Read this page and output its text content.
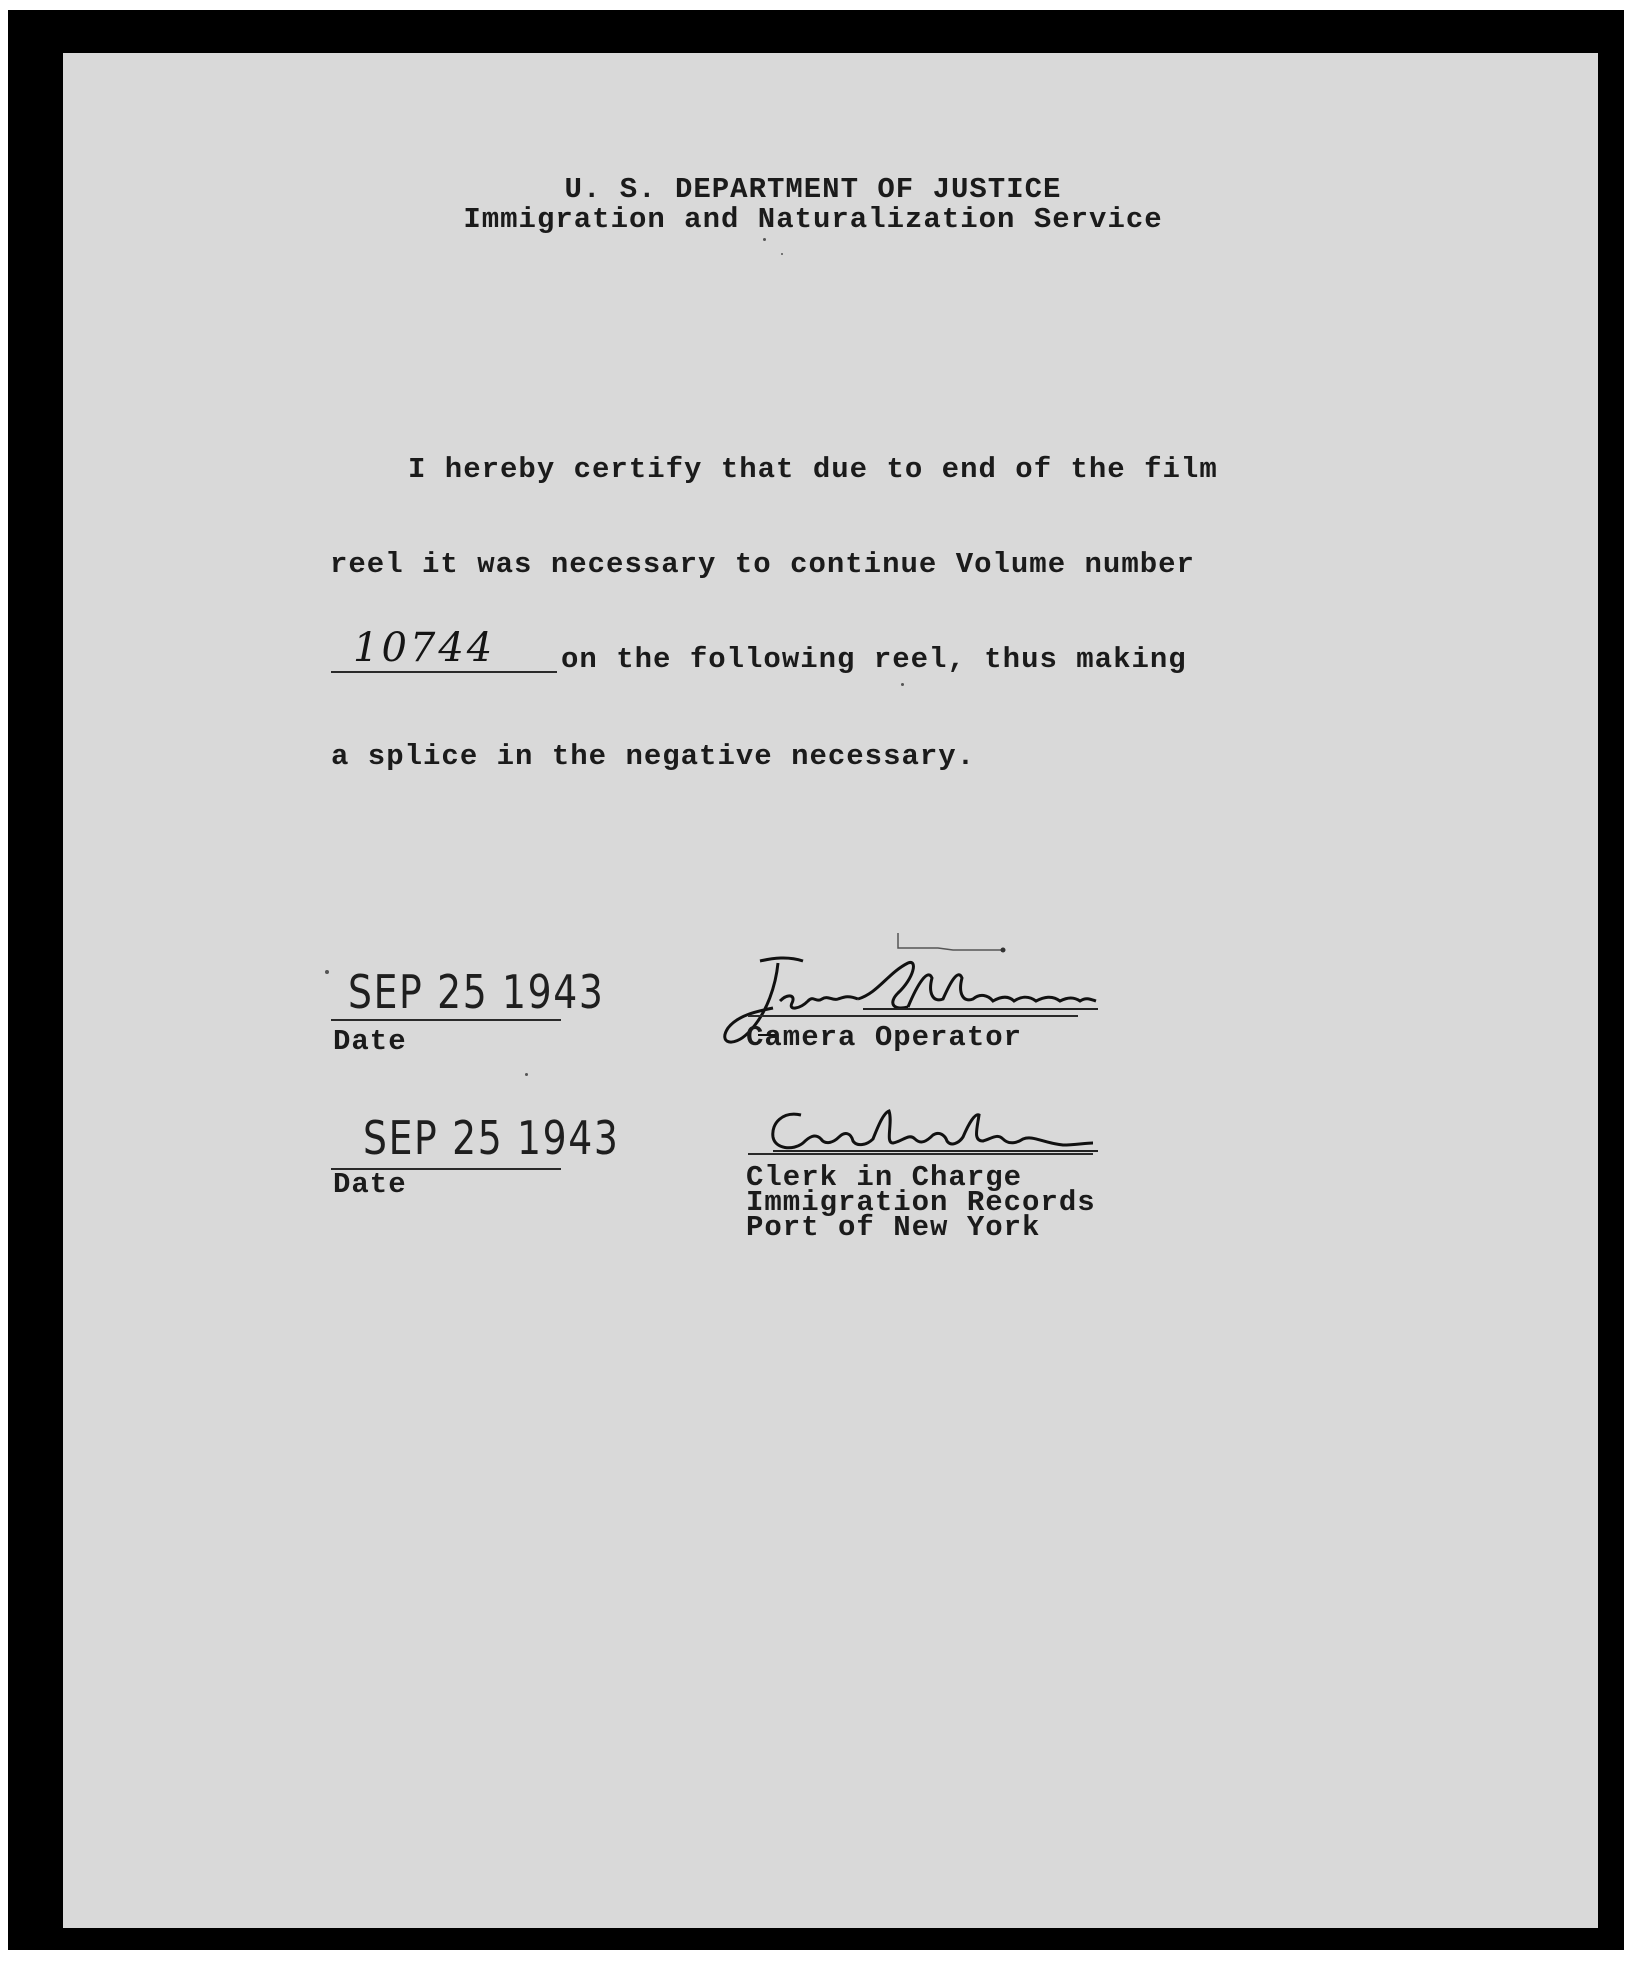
U. S. DEPARTMENT OF JUSTICE
Immigration and Naturalization Service
I hereby certify that due to end of the film
reel it was necessary to continue Volume number
10744 on the following reel, thus making
a splice in the negative necessary.
SEP 25 1943
Date	Camera Operator
SEP 25 1943
Date	Clerk in Charge
Immigration Records
Port of New York
